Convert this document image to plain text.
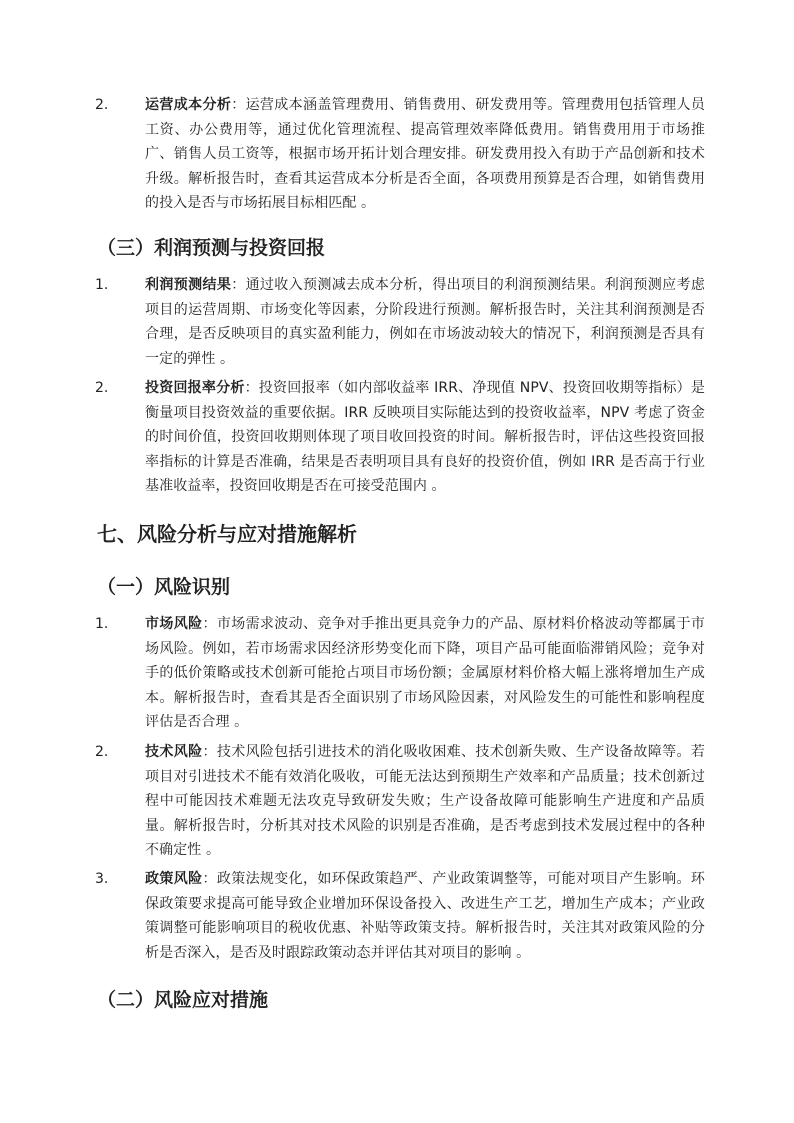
2.	运营成本分析：运营成本涵盖管理费用、销售费用、研发费用等。管理费用包括管理人员工资、办公费用等，通过优化管理流程、提高管理效率降低费用。销售费用用于市场推广、销售人员工资等，根据市场开拓计划合理安排。研发费用投入有助于产品创新和技术升级。解析报告时，查看其运营成本分析是否全面，各项费用预算是否合理，如销售费用的投入是否与市场拓展目标相匹配 。
（三）利润预测与投资回报
1.	利润预测结果：通过收入预测减去成本分析，得出项目的利润预测结果。利润预测应考虑项目的运营周期、市场变化等因素，分阶段进行预测。解析报告时，关注其利润预测是否合理，是否反映项目的真实盈利能力，例如在市场波动较大的情况下，利润预测是否具有一定的弹性 。
2.	投资回报率分析：投资回报率（如内部收益率 IRR、净现值 NPV、投资回收期等指标）是衡量项目投资效益的重要依据。IRR 反映项目实际能达到的投资收益率，NPV 考虑了资金的时间价值，投资回收期则体现了项目收回投资的时间。解析报告时，评估这些投资回报率指标的计算是否准确，结果是否表明项目具有良好的投资价值，例如 IRR 是否高于行业基准收益率，投资回收期是否在可接受范围内 。
七、风险分析与应对措施解析
（一）风险识别
1.	市场风险：市场需求波动、竞争对手推出更具竞争力的产品、原材料价格波动等都属于市场风险。例如，若市场需求因经济形势变化而下降，项目产品可能面临滞销风险；竞争对手的低价策略或技术创新可能抢占项目市场份额；金属原材料价格大幅上涨将增加生产成本。解析报告时，查看其是否全面识别了市场风险因素，对风险发生的可能性和影响程度评估是否合理 。
2.	技术风险：技术风险包括引进技术的消化吸收困难、技术创新失败、生产设备故障等。若项目对引进技术不能有效消化吸收，可能无法达到预期生产效率和产品质量；技术创新过程中可能因技术难题无法攻克导致研发失败；生产设备故障可能影响生产进度和产品质量。解析报告时，分析其对技术风险的识别是否准确，是否考虑到技术发展过程中的各种不确定性 。
3.	政策风险：政策法规变化，如环保政策趋严、产业政策调整等，可能对项目产生影响。环保政策要求提高可能导致企业增加环保设备投入、改进生产工艺，增加生产成本；产业政策调整可能影响项目的税收优惠、补贴等政策支持。解析报告时，关注其对政策风险的分析是否深入，是否及时跟踪政策动态并评估其对项目的影响 。
（二）风险应对措施
